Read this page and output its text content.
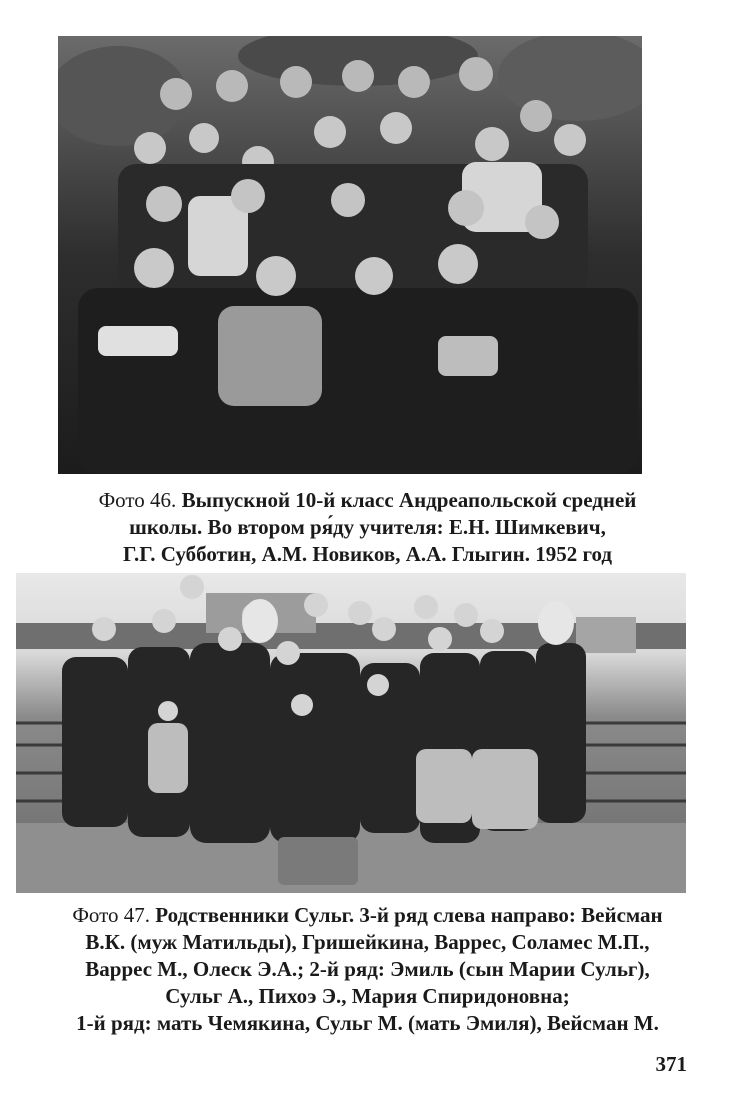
Фото 46. Выпускной 10-й класс Андреапольской средней
школы. Во втором ря́ду учителя: Е.Н. Шимкевич,
Г.Г. Субботин, А.М. Новиков, А.А. Глыгин. 1952 год
Фото 47. Родственники Сульг. 3-й ряд слева направо: Вейсман
В.К. (муж Матильды), Гришейкина, Варрес, Соламес М.П.,
Варрес М., Олеск Э.А.; 2-й ряд: Эмиль (сын Марии Сульг),
Сульг А., Пихоэ Э., Мария Спиридоновна;
1-й ряд: мать Чемякина, Сульг М. (мать Эмиля), Вейсман М.
371
